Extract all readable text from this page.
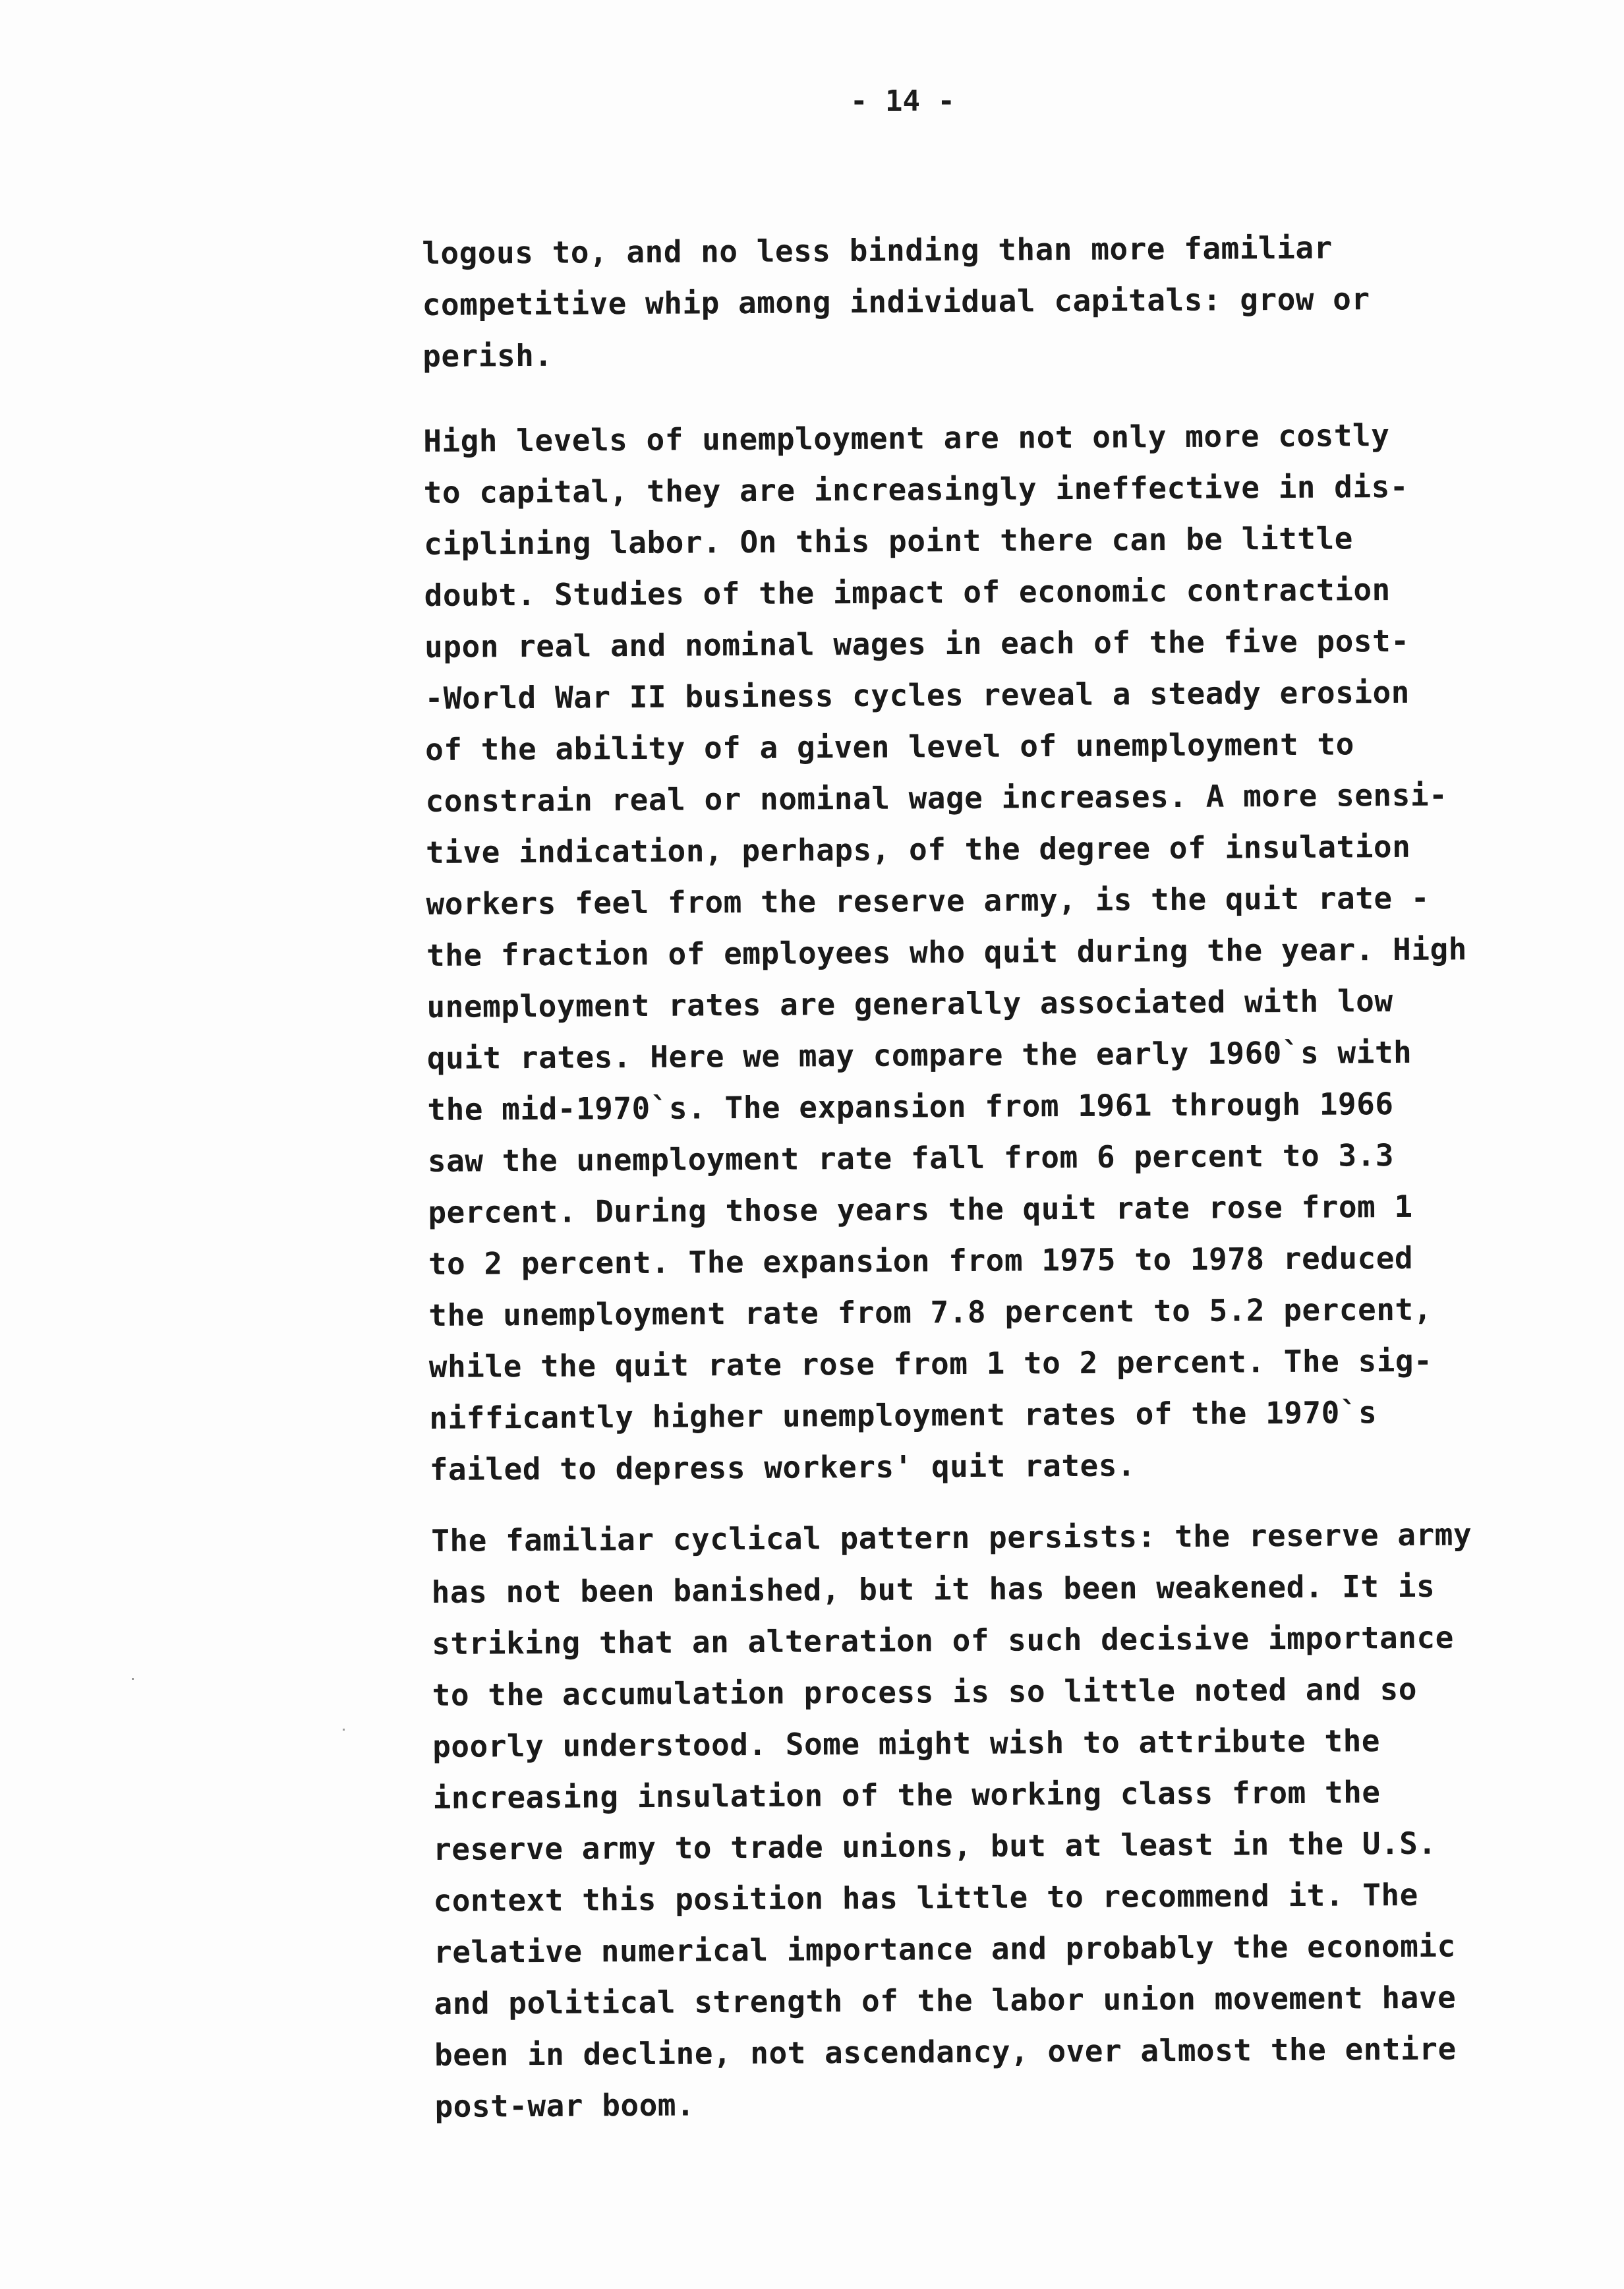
- 14 -
logous to, and no less binding than more familiar
competitive whip among individual capitals: grow or
perish.
High levels of unemployment are not only more costly
to capital, they are increasingly ineffective in dis-
ciplining labor. On this point there can be little
doubt. Studies of the impact of economic contraction
upon real and nominal wages in each of the five post-
-World War II business cycles reveal a steady erosion
of the ability of a given level of unemployment to
constrain real or nominal wage increases. A more sensi-
tive indication, perhaps, of the degree of insulation
workers feel from the reserve army, is the quit rate -
the fraction of employees who quit during the year. High
unemployment rates are generally associated with low
quit rates. Here we may compare the early 1960`s with
the mid-1970`s. The expansion from 1961 through 1966
saw the unemployment rate fall from 6 percent to 3.3
percent. During those years the quit rate rose from 1
to 2 percent. The expansion from 1975 to 1978 reduced
the unemployment rate from 7.8 percent to 5.2 percent,
while the quit rate rose from 1 to 2 percent. The sig-
nifficantly higher unemployment rates of the 1970`s
failed to depress workers' quit rates.
The familiar cyclical pattern persists: the reserve army
has not been banished, but it has been weakened. It is
striking that an alteration of such decisive importance
to the accumulation process is so little noted and so
poorly understood. Some might wish to attribute the
increasing insulation of the working class from the
reserve army to trade unions, but at least in the U.S.
context this position has little to recommend it. The
relative numerical importance and probably the economic
and political strength of the labor union movement have
been in decline, not ascendancy, over almost the entire
post-war boom.
